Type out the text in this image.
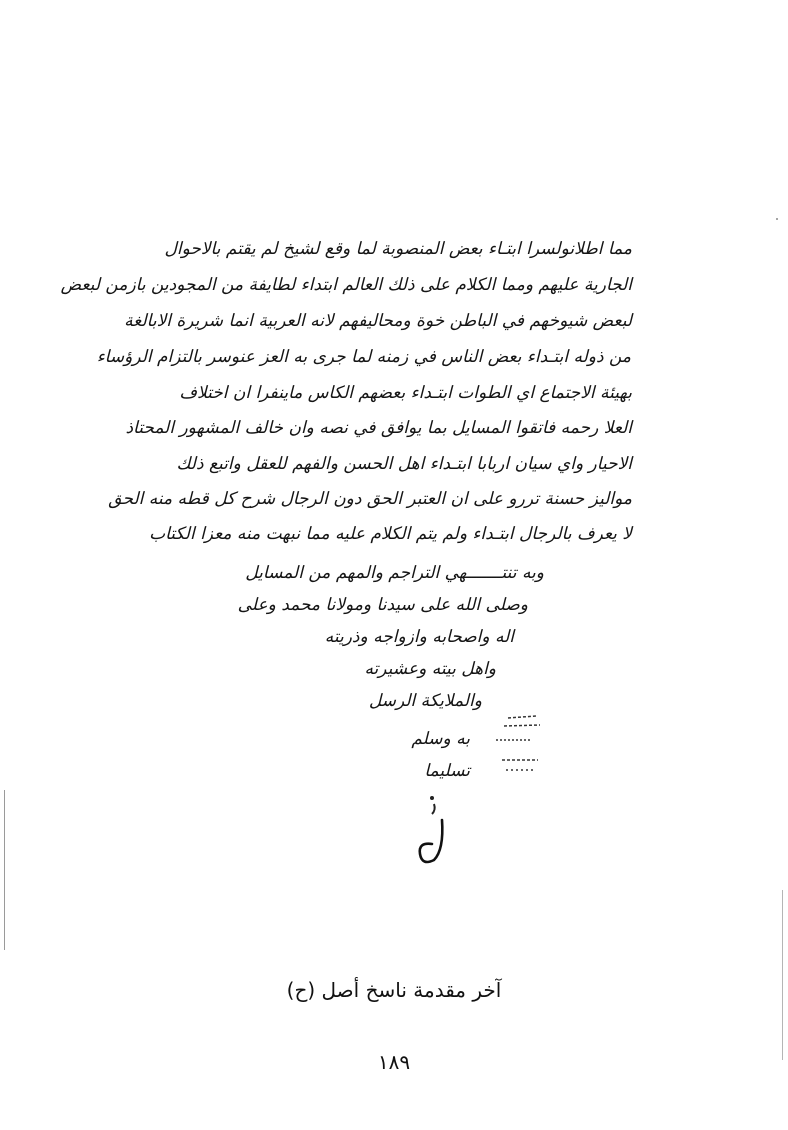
مما اطلانولسرا ابتـاء بعض المنصوبة لما وقع لشيخ لم يقتم بالاحوال
الجارية عليهم ومما الكلام على ذلك العالم ابتداء لطايفة من المجودين بازمن لبعض
لبعض شيوخهم في الباطن خوة ومحاليفهم لانه العربية انما شريرة الابالغة
من ذوله ابتـداء بعض الناس في زمنه لما جرى به العز عنوسر بالتزام الرؤساء
بهيئة الاجتماع اي الطوات ابتـداء بعضهم الكاس ماينفرا ان اختلاف
العلا رحمه فاتقوا المسايل بما يوافق في نصه وان خالف المشهور المحتاذ
الاحيار واي سيان اربابا ابتـداء اهل الحسن والفهم للعقل واتبع ذلك
مواليز حسنة تررو على ان العتبر الحق دون الرجال شرح كل قطه منه الحق
لا يعرف بالرجال ابتـداء ولم يتم الكلام عليه مما نبهت منه معزا الكتاب
وبه تنتـــــــهي التراجم والمهم من المسايل
وصلى الله على سيدنا ومولانا محمد وعلى
اله واصحابه وازواجه وذريته
واهل بيته وعشيرته
والملايكة الرسل
به وسلم
تسليما
آخر مقدمة ناسخ أصل (ح)
١٨٩
